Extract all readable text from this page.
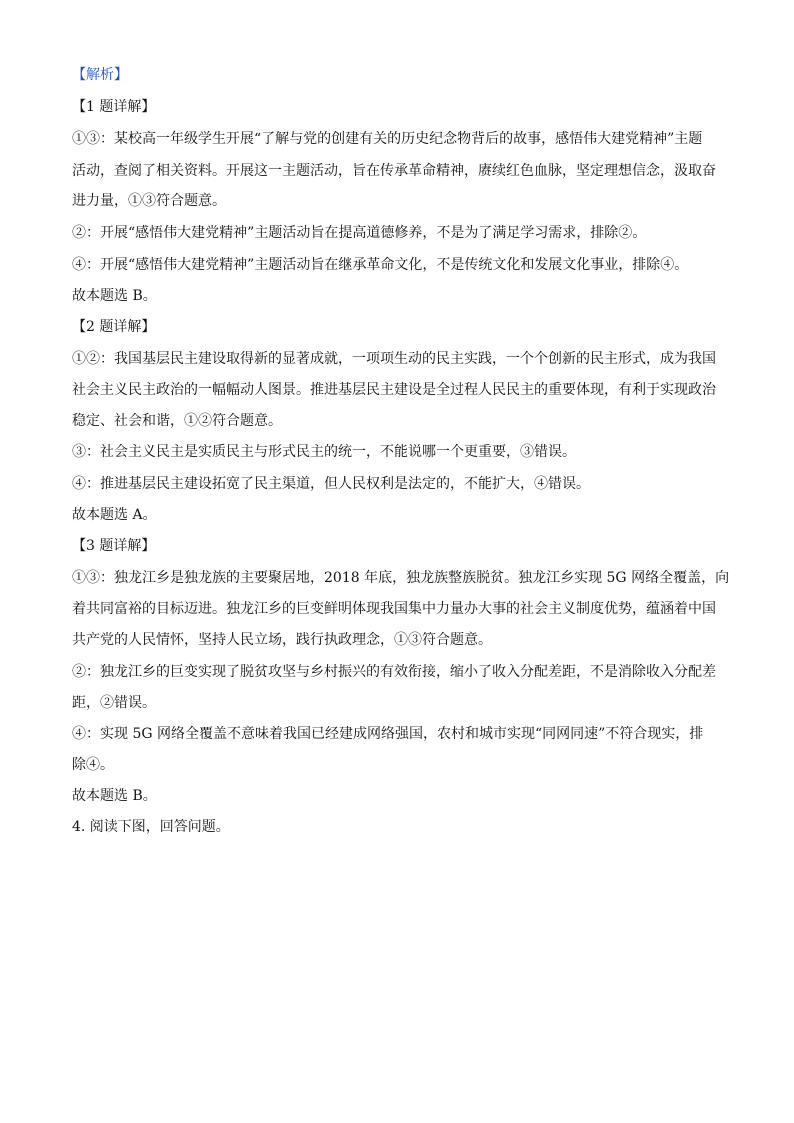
【解析】
【1 题详解】
①③：某校高一年级学生开展“了解与党的创建有关的历史纪念物背后的故事，感悟伟大建党精神”主题
活动，查阅了相关资料。开展这一主题活动，旨在传承革命精神，赓续红色血脉，坚定理想信念，汲取奋
进力量，①③符合题意。
②：开展“感悟伟大建党精神”主题活动旨在提高道德修养，不是为了满足学习需求，排除②。
④：开展“感悟伟大建党精神”主题活动旨在继承革命文化，不是传统文化和发展文化事业，排除④。
故本题选 B。
【2 题详解】
①②：我国基层民主建设取得新的显著成就，一项项生动的民主实践，一个个创新的民主形式，成为我国
社会主义民主政治的一幅幅动人图景。推进基层民主建设是全过程人民民主的重要体现，有利于实现政治
稳定、社会和谐，①②符合题意。
③：社会主义民主是实质民主与形式民主的统一，不能说哪一个更重要，③错误。
④：推进基层民主建设拓宽了民主渠道，但人民权利是法定的，不能扩大，④错误。
故本题选 A。
【3 题详解】
①③：独龙江乡是独龙族的主要聚居地，2018 年底，独龙族整族脱贫。独龙江乡实现 5G 网络全覆盖，向
着共同富裕的目标迈进。独龙江乡的巨变鲜明体现我国集中力量办大事的社会主义制度优势，蕴涵着中国
共产党的人民情怀，坚持人民立场，践行执政理念，①③符合题意。
②：独龙江乡的巨变实现了脱贫攻坚与乡村振兴的有效衔接，缩小了收入分配差距，不是消除收入分配差
距，②错误。
④：实现 5G 网络全覆盖不意味着我国已经建成网络强国，农村和城市实现“同网同速”不符合现实，排
除④。
故本题选 B。
4. 阅读下图，回答问题。
